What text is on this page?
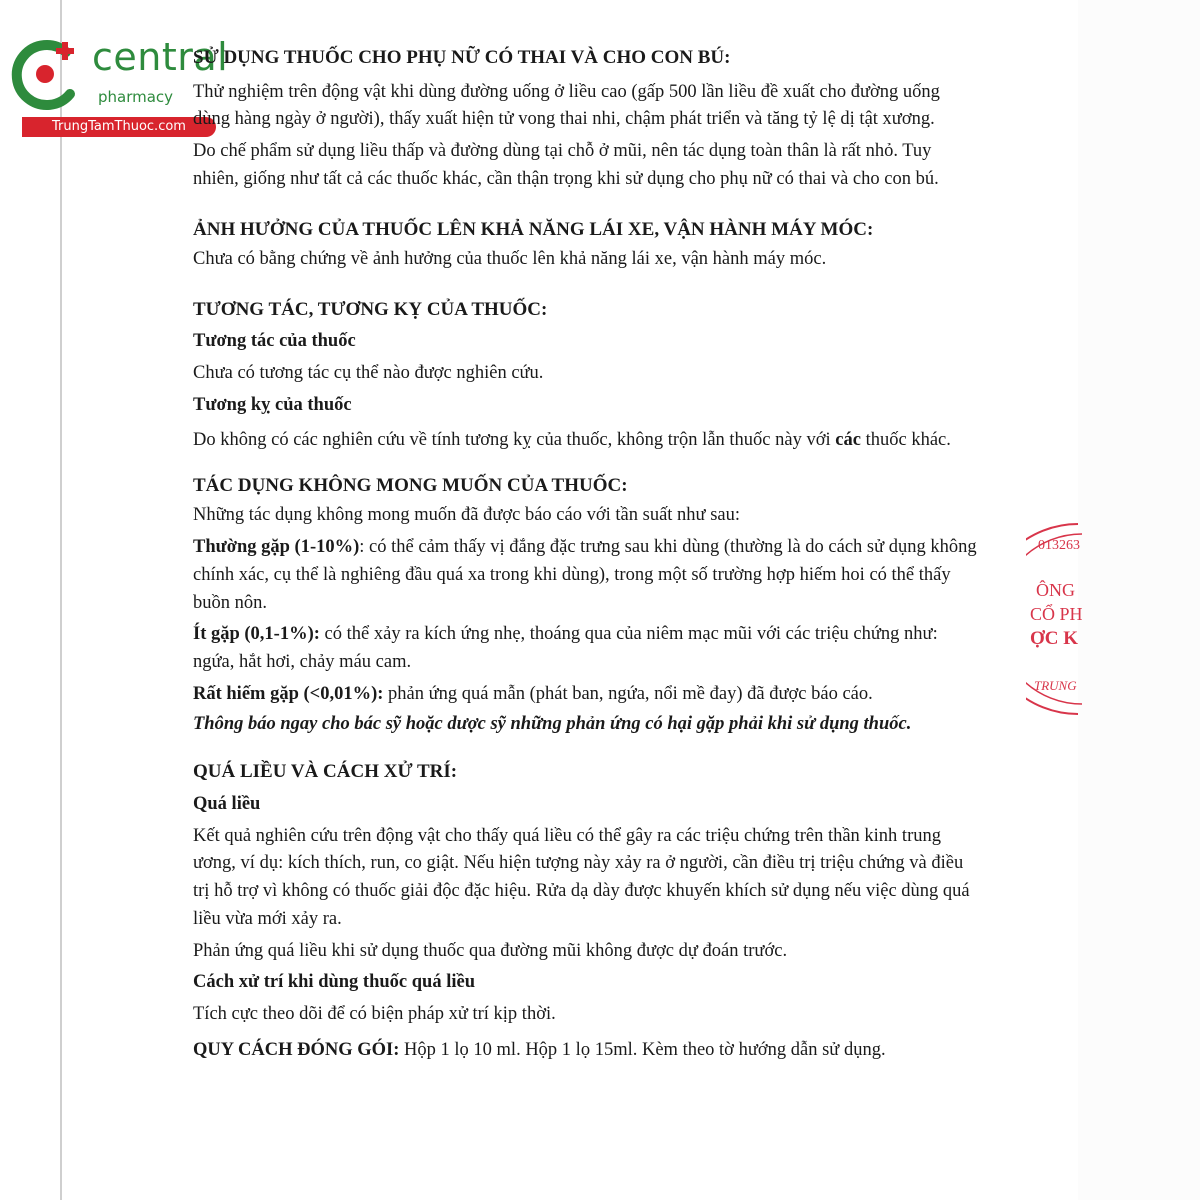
central
pharmacy
TrungTamThuoc.com

SỬ DỤNG THUỐC CHO PHỤ NỮ CÓ THAI VÀ CHO CON BÚ:

Thử nghiệm trên động vật khi dùng đường uống ở liều cao (gấp 500 lần liều đề xuất cho đường uống dùng hàng ngày ở người), thấy xuất hiện tử vong thai nhi, chậm phát triển và tăng tỷ lệ dị tật xương.

Do chế phẩm sử dụng liều thấp và đường dùng tại chỗ ở mũi, nên tác dụng toàn thân là rất nhỏ. Tuy nhiên, giống như tất cả các thuốc khác, cần thận trọng khi sử dụng cho phụ nữ có thai và cho con bú.

ẢNH HƯỞNG CỦA THUỐC LÊN KHẢ NĂNG LÁI XE, VẬN HÀNH MÁY MÓC:

Chưa có bằng chứng về ảnh hưởng của thuốc lên khả năng lái xe, vận hành máy móc.

TƯƠNG TÁC, TƯƠNG KỴ CỦA THUỐC:

Tương tác của thuốc

Chưa có tương tác cụ thể nào được nghiên cứu.

Tương kỵ của thuốc

Do không có các nghiên cứu về tính tương kỵ của thuốc, không trộn lẫn thuốc này với các thuốc khác.

TÁC DỤNG KHÔNG MONG MUỐN CỦA THUỐC:

Những tác dụng không mong muốn đã được báo cáo với tần suất như sau:

Thường gặp (1-10%): có thể cảm thấy vị đắng đặc trưng sau khi dùng (thường là do cách sử dụng không chính xác, cụ thể là nghiêng đầu quá xa trong khi dùng), trong một số trường hợp hiếm hoi có thể thấy buồn nôn.

Ít gặp (0,1-1%): có thể xảy ra kích ứng nhẹ, thoáng qua của niêm mạc mũi với các triệu chứng như: ngứa, hắt hơi, chảy máu cam.

Rất hiếm gặp (<0,01%): phản ứng quá mẫn (phát ban, ngứa, nổi mề đay) đã được báo cáo.

Thông báo ngay cho bác sỹ hoặc dược sỹ những phản ứng có hại gặp phải khi sử dụng thuốc.

QUÁ LIỀU VÀ CÁCH XỬ TRÍ:

Quá liều

Kết quả nghiên cứu trên động vật cho thấy quá liều có thể gây ra các triệu chứng trên thần kinh trung ương, ví dụ: kích thích, run, co giật. Nếu hiện tượng này xảy ra ở người, cần điều trị triệu chứng và điều trị hỗ trợ vì không có thuốc giải độc đặc hiệu. Rửa dạ dày được khuyến khích sử dụng nếu việc dùng quá liều vừa mới xảy ra.

Phản ứng quá liều khi sử dụng thuốc qua đường mũi không được dự đoán trước.

Cách xử trí khi dùng thuốc quá liều

Tích cực theo dõi để có biện pháp xử trí kịp thời.

QUY CÁCH ĐÓNG GÓI: Hộp 1 lọ 10 ml. Hộp 1 lọ 15ml. Kèm theo tờ hướng dẫn sử dụng.

013263
ÔNG
CỔ PH
ỢC K
TRUNG
